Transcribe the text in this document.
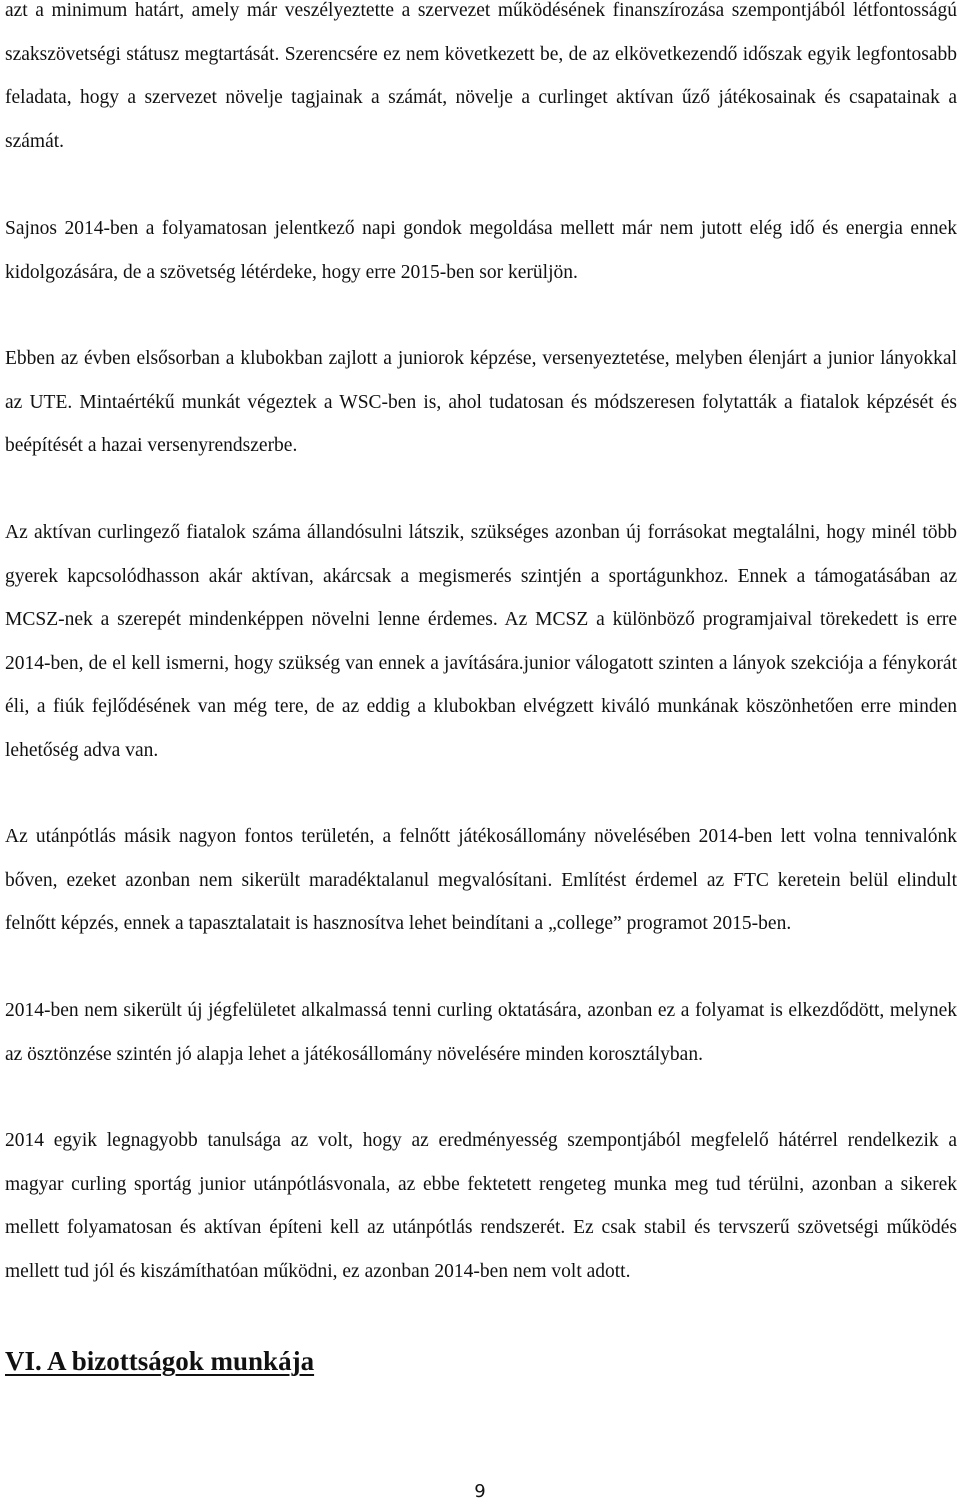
azt a minimum határt, amely már veszélyeztette a szervezet működésének finanszírozása szempontjából létfontosságú szakszövetségi státusz megtartását. Szerencsére ez nem következett be, de az elkövetkezendő időszak egyik legfontosabb feladata, hogy a szervezet növelje tagjainak a számát, növelje a curlinget aktívan űző játékosainak és csapatainak a számát.

Sajnos 2014-ben a folyamatosan jelentkező napi gondok megoldása mellett már nem jutott elég idő és energia ennek kidolgozására, de a szövetség létérdeke, hogy erre 2015-ben sor kerüljön.

Ebben az évben elsősorban a klubokban zajlott a juniorok képzése, versenyeztetése, melyben élenjárt a junior lányokkal az UTE. Mintaértékű munkát végeztek a WSC-ben is, ahol tudatosan és módszeresen folytatták a fiatalok képzését és beépítését a hazai versenyrendszerbe.

Az aktívan curlingező fiatalok száma állandósulni látszik, szükséges azonban új forrásokat megtalálni, hogy minél több gyerek kapcsolódhasson akár aktívan, akárcsak a megismerés szintjén a sportágunkhoz. Ennek a támogatásában az MCSZ-nek a szerepét mindenképpen növelni lenne érdemes. Az MCSZ a különböző programjaival törekedett is erre 2014-ben, de el kell ismerni, hogy szükség van ennek a javítására.junior válogatott szinten a lányok szekciója a fénykorát éli, a fiúk fejlődésének van még tere, de az eddig a klubokban elvégzett kiváló munkának köszönhetően erre minden lehetőség adva van.

Az utánpótlás másik nagyon fontos területén, a felnőtt játékosállomány növelésében 2014-ben lett volna tennivalónk bőven, ezeket azonban nem sikerült maradéktalanul megvalósítani. Említést érdemel az FTC keretein belül elindult felnőtt képzés, ennek a tapasztalatait is hasznosítva lehet beindítani a „college” programot 2015-ben.

2014-ben nem sikerült új jégfelületet alkalmassá tenni curling oktatására, azonban ez a folyamat is elkezdődött, melynek az ösztönzése szintén jó alapja lehet a játékosállomány növelésére minden korosztályban.

2014 egyik legnagyobb tanulsága az volt, hogy az eredményesség szempontjából megfelelő hátérrel rendelkezik a magyar curling sportág junior utánpótlásvonala, az ebbe fektetett rengeteg munka meg tud térülni, azonban a sikerek mellett folyamatosan és aktívan építeni kell az utánpótlás rendszerét. Ez csak stabil és tervszerű szövetségi működés mellett tud jól és kiszámíthatóan működni, ez azonban 2014-ben nem volt adott.

VI. A bizottságok munkája
9
